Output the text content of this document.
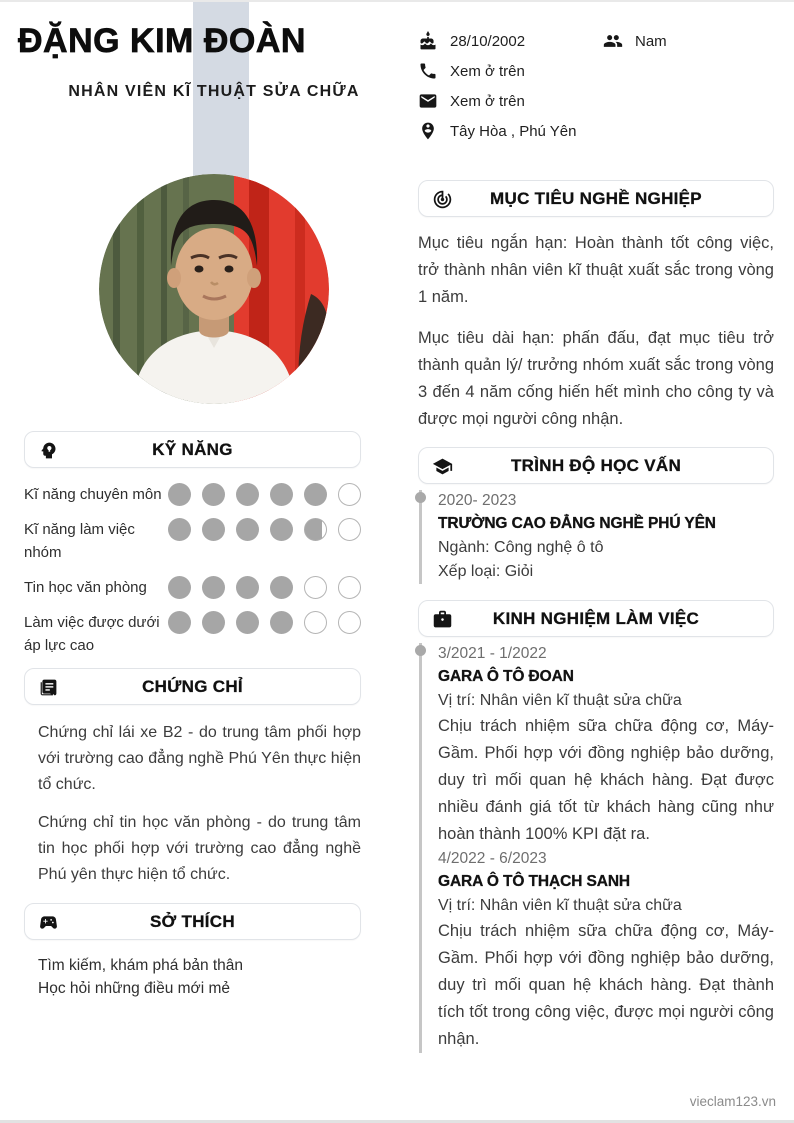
ĐẶNG KIM ĐOÀN
NHÂN VIÊN KĨ THUẬT SỬA CHỮA
28/10/2002	Nam
Xem ở trên
Xem ở trên
Tây Hòa , Phú Yên
MỤC TIÊU NGHỀ NGHIỆP

Mục tiêu ngắn hạn: Hoàn thành tốt công việc, trở thành nhân viên kĩ thuật xuất sắc trong vòng 1 năm.

Mục tiêu dài hạn: phấn đấu, đạt mục tiêu trở thành quản lý/ trưởng nhóm xuất sắc trong vòng 3 đến 4 năm cống hiến hết mình cho công ty và được mọi người công nhận.

TRÌNH ĐỘ HỌC VẤN
2020- 2023
TRƯỜNG CAO ĐẲNG NGHỀ PHÚ YÊN
Ngành: Công nghệ ô tô
Xếp loại: Giỏi
KINH NGHIỆM LÀM VIỆC
3/2021 - 1/2022
GARA Ô TÔ ĐOAN
Vị trí: Nhân viên kĩ thuật sửa chữa
Chịu trách nhiệm sữa chữa động cơ, Máy- Gầm. Phối hợp với đồng nghiệp bảo dưỡng, duy trì mối quan hệ khách hàng. Đạt được nhiều đánh giá tốt từ khách hàng cũng như hoàn thành 100% KPI đặt ra.
4/2022 - 6/2023
GARA Ô TÔ THẠCH SANH
Vị trí: Nhân viên kĩ thuật sửa chữa
Chịu trách nhiệm sữa chữa động cơ, Máy- Gầm. Phối hợp với đồng nghiệp bảo dưỡng, duy trì mối quan hệ khách hàng. Đạt thành tích tốt trong công việc, được mọi người công nhận.
KỸ NĂNG
Kĩ năng chuyên môn
Kĩ năng làm việc nhóm
Tin học văn phòng
Làm việc được dưới áp lực cao
CHỨNG CHỈ

Chứng chỉ lái xe B2 - do trung tâm phối hợp với trường cao đẳng nghề Phú Yên thực hiện tổ chức.

Chứng chỉ tin học văn phòng - do trung tâm tin học phối hợp với trường cao đẳng nghề Phú yên thực hiện tổ chức.

SỞ THÍCH
Tìm kiếm, khám phá bản thân
Học hỏi những điều mới mẻ
vieclam123.vn
